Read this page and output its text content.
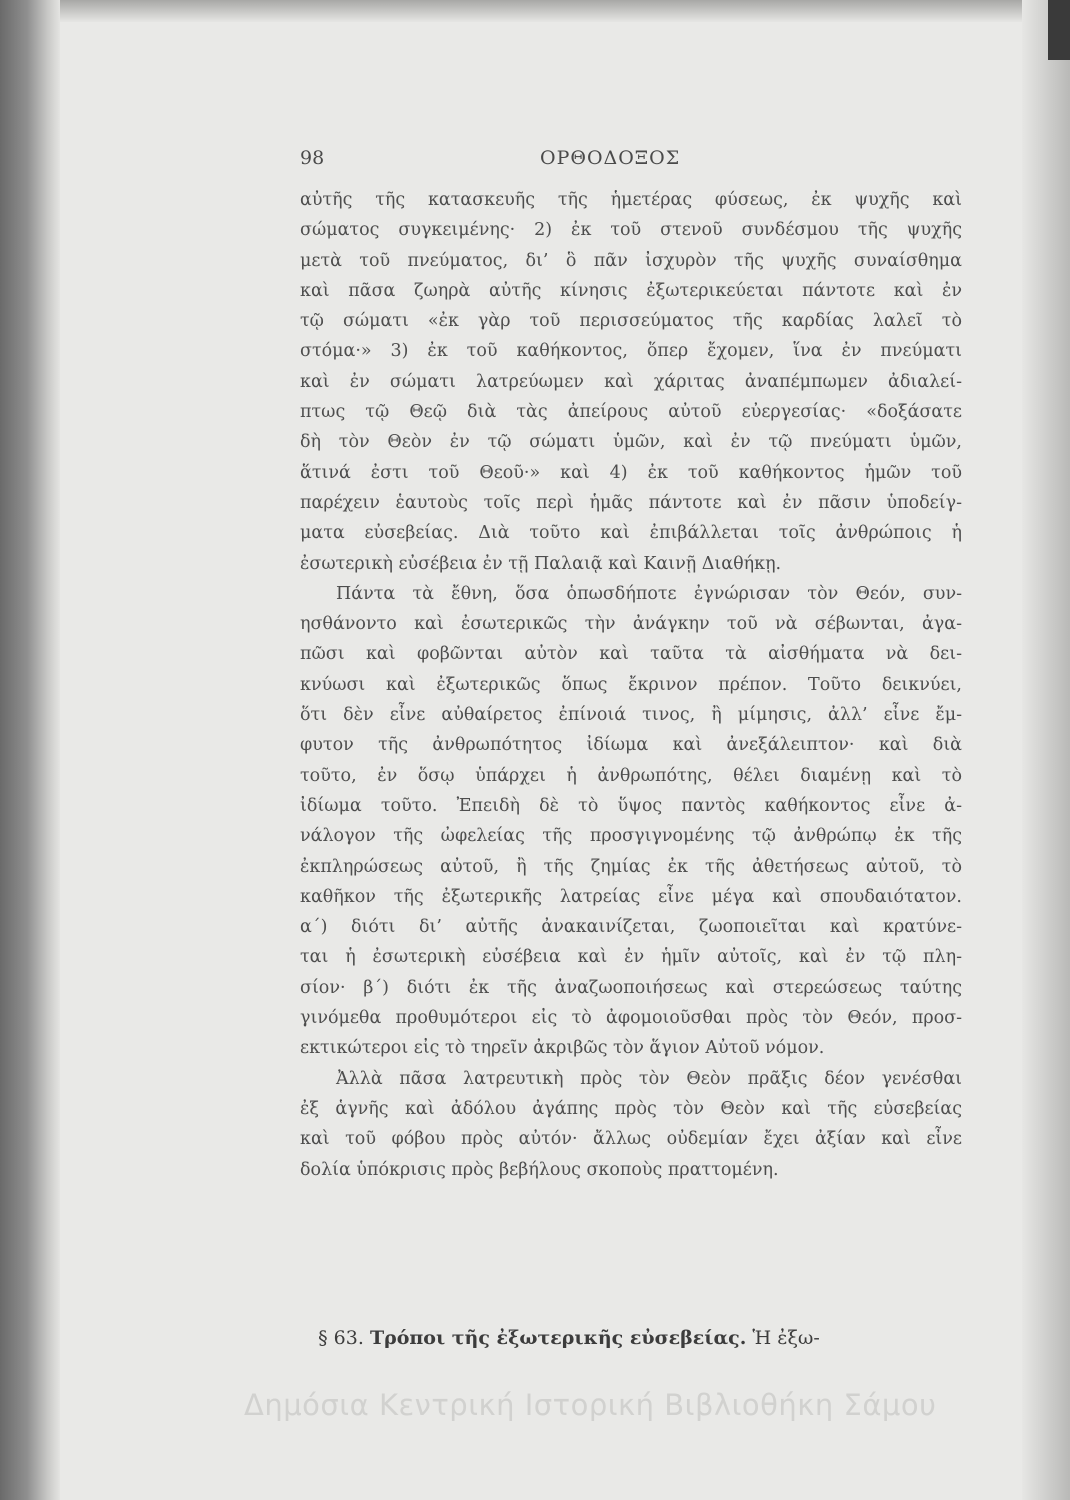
98	ΟΡΘΟΔΟΞΟΣ
αὐτῆς τῆς κατασκευῆς τῆς ἡμετέρας φύσεως, ἐκ ψυχῆς καὶ
σώματος συγκειμένης· 2) ἐκ τοῦ στενοῦ συνδέσμου τῆς ψυχῆς
μετὰ τοῦ πνεύματος, δι’ ὃ πᾶν ἰσχυρὸν τῆς ψυχῆς συναίσθημα
καὶ πᾶσα ζωηρὰ αὐτῆς κίνησις ἐξωτερικεύεται πάντοτε καὶ ἐν
τῷ σώματι «ἐκ γὰρ τοῦ περισσεύματος τῆς καρδίας λαλεῖ τὸ
στόμα·» 3) ἐκ τοῦ καθήκοντος, ὅπερ ἔχομεν, ἵνα ἐν πνεύματι
καὶ ἐν σώματι λατρεύωμεν καὶ χάριτας ἀναπέμπωμεν ἀδιαλεί-
πτως τῷ Θεῷ διὰ τὰς ἀπείρους αὐτοῦ εὐεργεσίας· «δοξάσατε
δὴ τὸν Θεὸν ἐν τῷ σώματι ὑμῶν, καὶ ἐν τῷ πνεύματι ὑμῶν,
ἅτινά ἐστι τοῦ Θεοῦ·» καὶ 4) ἐκ τοῦ καθήκοντος ἡμῶν τοῦ
παρέχειν ἑαυτοὺς τοῖς περὶ ἡμᾶς πάντοτε καὶ ἐν πᾶσιν ὑποδείγ-
ματα εὐσεβείας. Διὰ τοῦτο καὶ ἐπιβάλλεται τοῖς ἀνθρώποις ἡ
ἐσωτερικὴ εὐσέβεια ἐν τῇ Παλαιᾷ καὶ Καινῇ Διαθήκῃ.
Πάντα τὰ ἔθνη, ὅσα ὁπωσδήποτε ἐγνώρισαν τὸν Θεόν, συν-
ησθάνοντο καὶ ἐσωτερικῶς τὴν ἀνάγκην τοῦ νὰ σέβωνται, ἀγα-
πῶσι καὶ φοβῶνται αὐτὸν καὶ ταῦτα τὰ αἰσθήματα νὰ δει-
κνύωσι καὶ ἐξωτερικῶς ὅπως ἔκρινον πρέπον. Τοῦτο δεικνύει,
ὅτι δὲν εἶνε αὐθαίρετος ἐπίνοιά τινος, ἢ μίμησις, ἀλλ’ εἶνε ἔμ-
φυτον τῆς ἀνθρωπότητος ἰδίωμα καὶ ἀνεξάλειπτον· καὶ διὰ
τοῦτο, ἐν ὅσῳ ὑπάρχει ἡ ἀνθρωπότης, θέλει διαμένῃ καὶ τὸ
ἰδίωμα τοῦτο. Ἐπειδὴ δὲ τὸ ὕψος παντὸς καθήκοντος εἶνε ἀ-
νάλογον τῆς ὠφελείας τῆς προσγιγνομένης τῷ ἀνθρώπῳ ἐκ τῆς
ἐκπληρώσεως αὐτοῦ, ἢ τῆς ζημίας ἐκ τῆς ἀθετήσεως αὐτοῦ, τὸ
καθῆκον τῆς ἐξωτερικῆς λατρείας εἶνε μέγα καὶ σπουδαιότατον.
α΄) διότι δι’ αὐτῆς ἀνακαινίζεται, ζωοποιεῖται καὶ κρατύνε-
ται ἡ ἐσωτερικὴ εὐσέβεια καὶ ἐν ἡμῖν αὐτοῖς, καὶ ἐν τῷ πλη-
σίον· β΄) διότι ἐκ τῆς ἀναζωοποιήσεως καὶ στερεώσεως ταύτης
γινόμεθα προθυμότεροι εἰς τὸ ἀφομοιοῦσθαι πρὸς τὸν Θεόν, προσ-
εκτικώτεροι εἰς τὸ τηρεῖν ἀκριβῶς τὸν ἅγιον Αὐτοῦ νόμον.
Ἀλλὰ πᾶσα λατρευτικὴ πρὸς τὸν Θεὸν πρᾶξις δέον γενέσθαι
ἐξ ἁγνῆς καὶ ἀδόλου ἀγάπης πρὸς τὸν Θεὸν καὶ τῆς εὐσεβείας
καὶ τοῦ φόβου πρὸς αὐτόν· ἄλλως οὐδεμίαν ἔχει ἀξίαν καὶ εἶνε
δολία ὑπόκρισις πρὸς βεβήλους σκοποὺς πραττομένη.
§ 63. Τρόποι τῆς ἐξωτερικῆς εὐσεβείας. Ἡ ἐξω-
Δημόσια Κεντρική Ιστορική Βιβλιοθήκη Σάμου
